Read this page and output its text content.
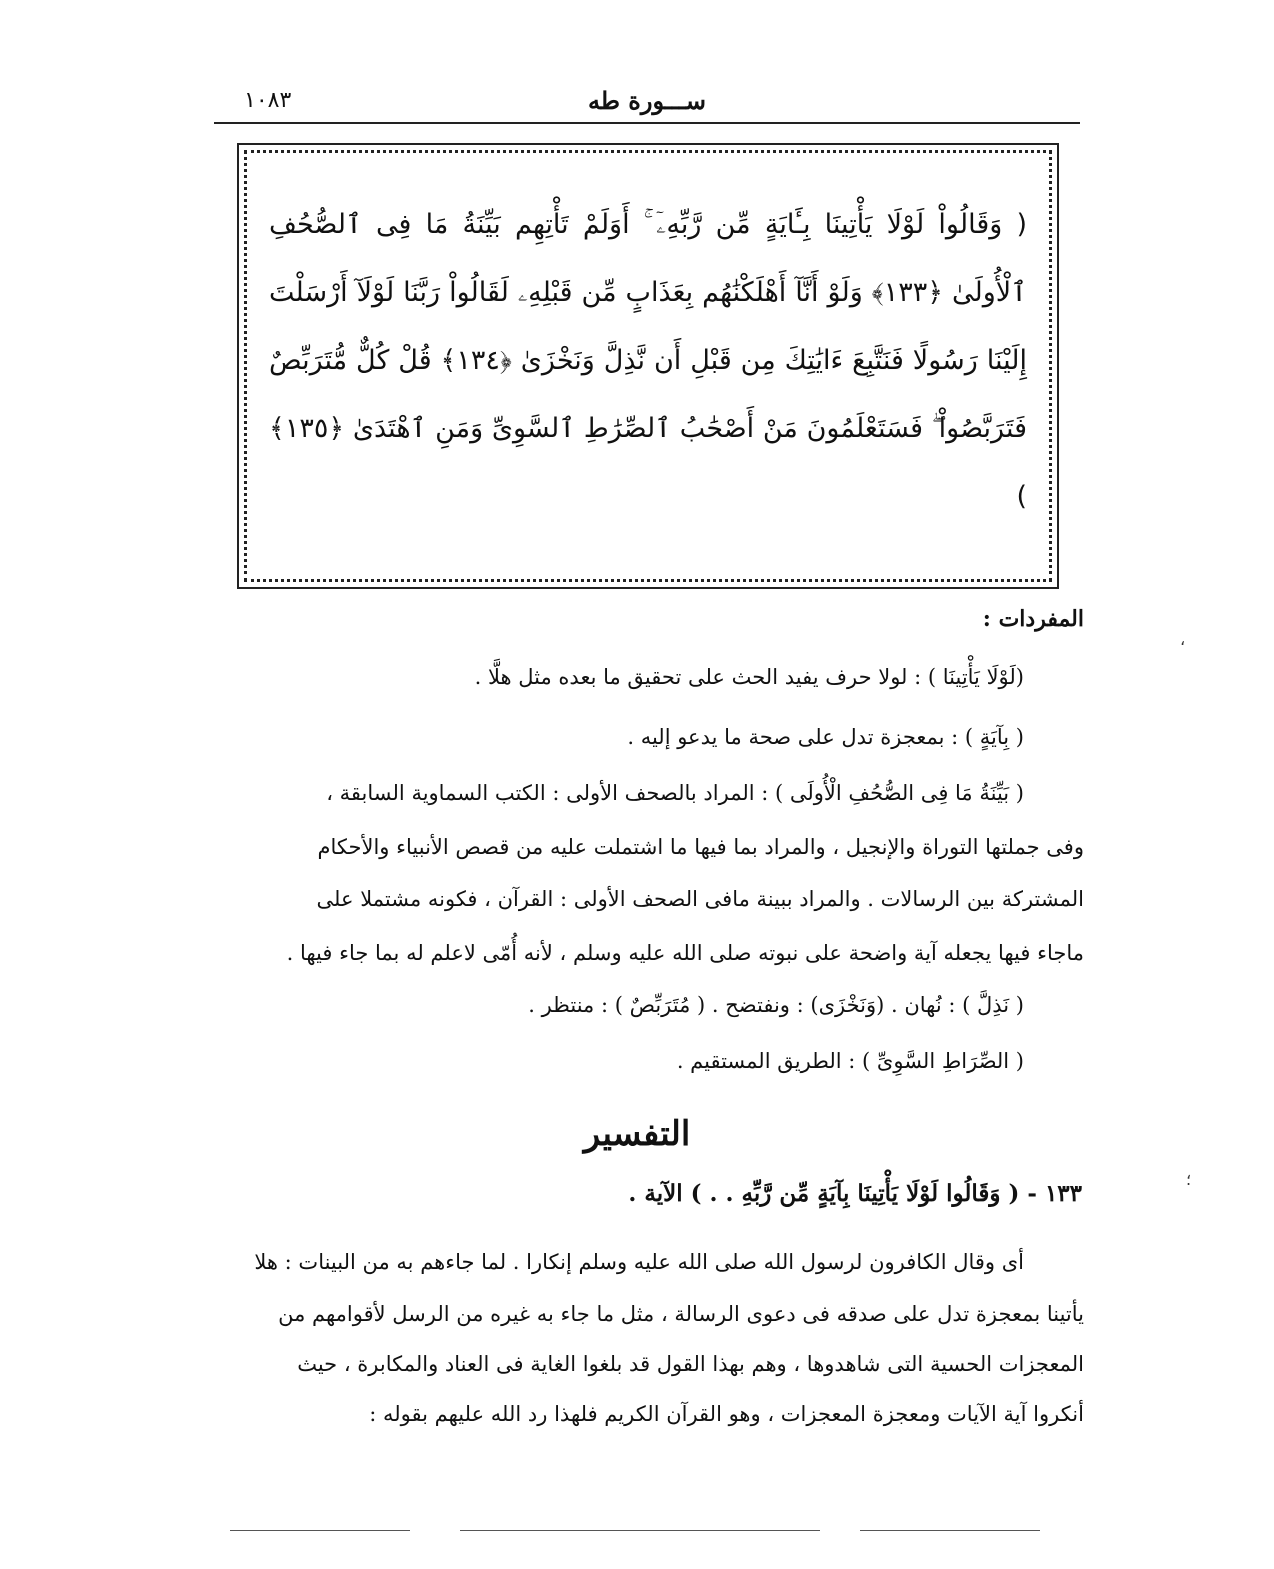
١٠٨٣	ســـورة طه
( وَقَالُواْ لَوْلَا يَأْتِينَا بِـَٔايَةٍ مِّن رَّبِّهِۦٓ ۚ أَوَلَمْ تَأْتِهِم بَيِّنَةُ مَا فِى ٱلصُّحُفِ ٱلْأُولَىٰ ﴿١٣٣﴾ وَلَوْ أَنَّآ أَهْلَكْنَٰهُم بِعَذَابٍ مِّن قَبْلِهِۦ لَقَالُواْ رَبَّنَا لَوْلَآ أَرْسَلْتَ إِلَيْنَا رَسُولًا فَنَتَّبِعَ ءَايَٰتِكَ مِن قَبْلِ أَن نَّذِلَّ وَنَخْزَىٰ ﴿١٣٤﴾ قُلْ كُلٌّ مُّتَرَبِّصٌ فَتَرَبَّصُواْ ۖ فَسَتَعْلَمُونَ مَنْ أَصْحَٰبُ ٱلصِّرَٰطِ ٱلسَّوِىِّ وَمَنِ ٱهْتَدَىٰ ﴿١٣٥﴾ )
المفردات :
(لَوْلَا يَأْتِينَا ) : لولا حرف يفيد الحث على تحقيق ما بعده مثل هلَّا .
( بِآيَةٍ ) : بمعجزة تدل على صحة ما يدعو إليه .
( بَيِّنَةُ مَا فِى الصُّحُفِ الْأُولَى ) : المراد بالصحف الأولى : الكتب السماوية السابقة ،
وفى جملتها التوراة والإنجيل ، والمراد بما فيها ما اشتملت عليه من قصص الأنبياء والأحكام
المشتركة بين الرسالات . والمراد ببينة مافى الصحف الأولى : القرآن ، فكونه مشتملا على
ماجاء فيها يجعله آية واضحة على نبوته صلى الله عليه وسلم ، لأنه أُمّى لاعلم له بما جاء فيها .
( نَذِلَّ ) : نُهان . (وَنَخْزَى) : ونفتضح . ( مُتَرَبِّصٌ ) : منتظر .
( الصِّرَاطِ السَّوِىِّ ) : الطريق المستقيم .
التفسير
١٣٣ - ( وَقَالُوا لَوْلَا يَأْتِينَا بِآيَةٍ مِّن رَّبِّهِ . . ) الآية .
أى وقال الكافرون لرسول الله صلى الله عليه وسلم إنكارا . لما جاءهم به من البينات : هلا
يأتينا بمعجزة تدل على صدقه فى دعوى الرسالة ، مثل ما جاء به غيره من الرسل لأقوامهم من
المعجزات الحسية التى شاهدوها ، وهم بهذا القول قد بلغوا الغاية فى العناد والمكابرة ، حيث
أنكروا آية الآيات ومعجزة المعجزات ، وهو القرآن الكريم فلهذا رد الله عليهم بقوله :
،
؛
